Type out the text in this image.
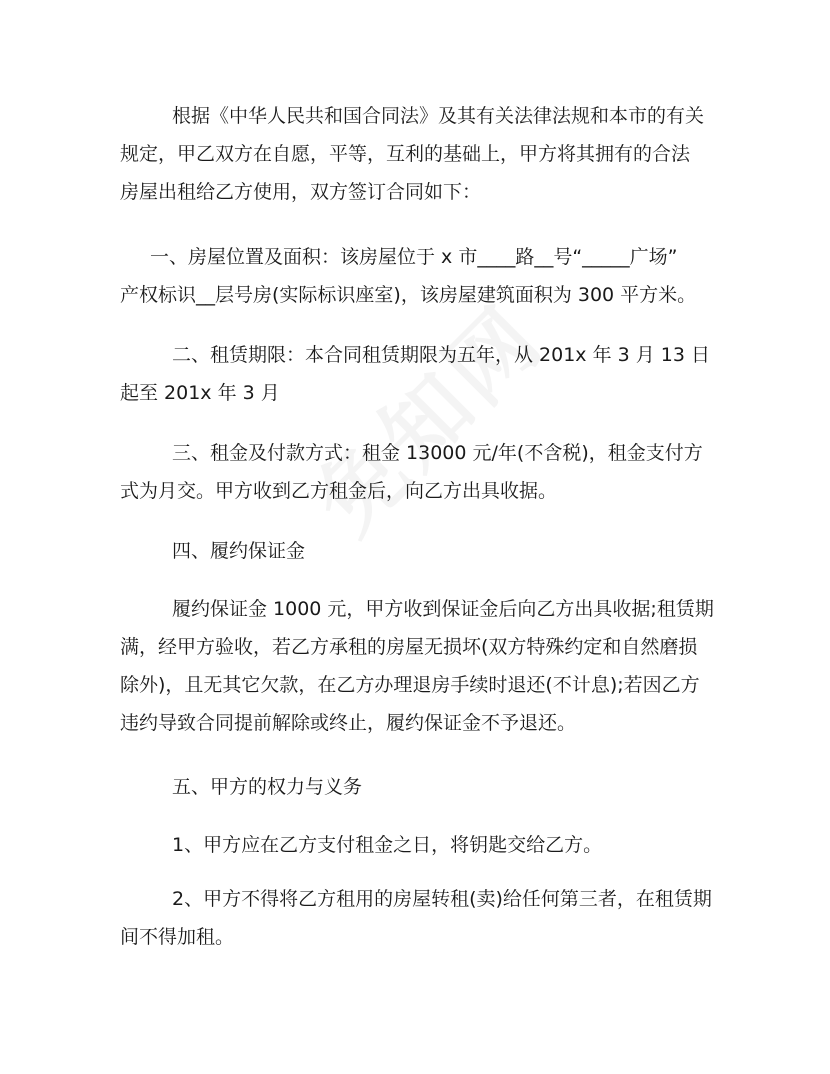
根据《中华人民共和国合同法》及其有关法律法规和本市的有关
规定，甲乙双方在自愿，平等，互利的基础上，甲方将其拥有的合法
房屋出租给乙方使用，双方签订合同如下：

一、房屋位置及面积：该房屋位于 x 市____路__号“_____广场”
产权标识__层号房(实际标识座室)，该房屋建筑面积为 300 平方米。

二、租赁期限：本合同租赁期限为五年，从 201x 年 3 月 13 日
起至 201x 年 3 月

三、租金及付款方式：租金 13000 元/年(不含税)，租金支付方
式为月交。甲方收到乙方租金后，向乙方出具收据。

四、履约保证金

履约保证金 1000 元，甲方收到保证金后向乙方出具收据;租赁期
满，经甲方验收，若乙方承租的房屋无损坏(双方特殊约定和自然磨损
除外)，且无其它欠款，在乙方办理退房手续时退还(不计息);若因乙方
违约导致合同提前解除或终止，履约保证金不予退还。

五、甲方的权力与义务

1、甲方应在乙方支付租金之日，将钥匙交给乙方。

2、甲方不得将乙方租用的房屋转租(卖)给任何第三者，在租赁期
间不得加租。
